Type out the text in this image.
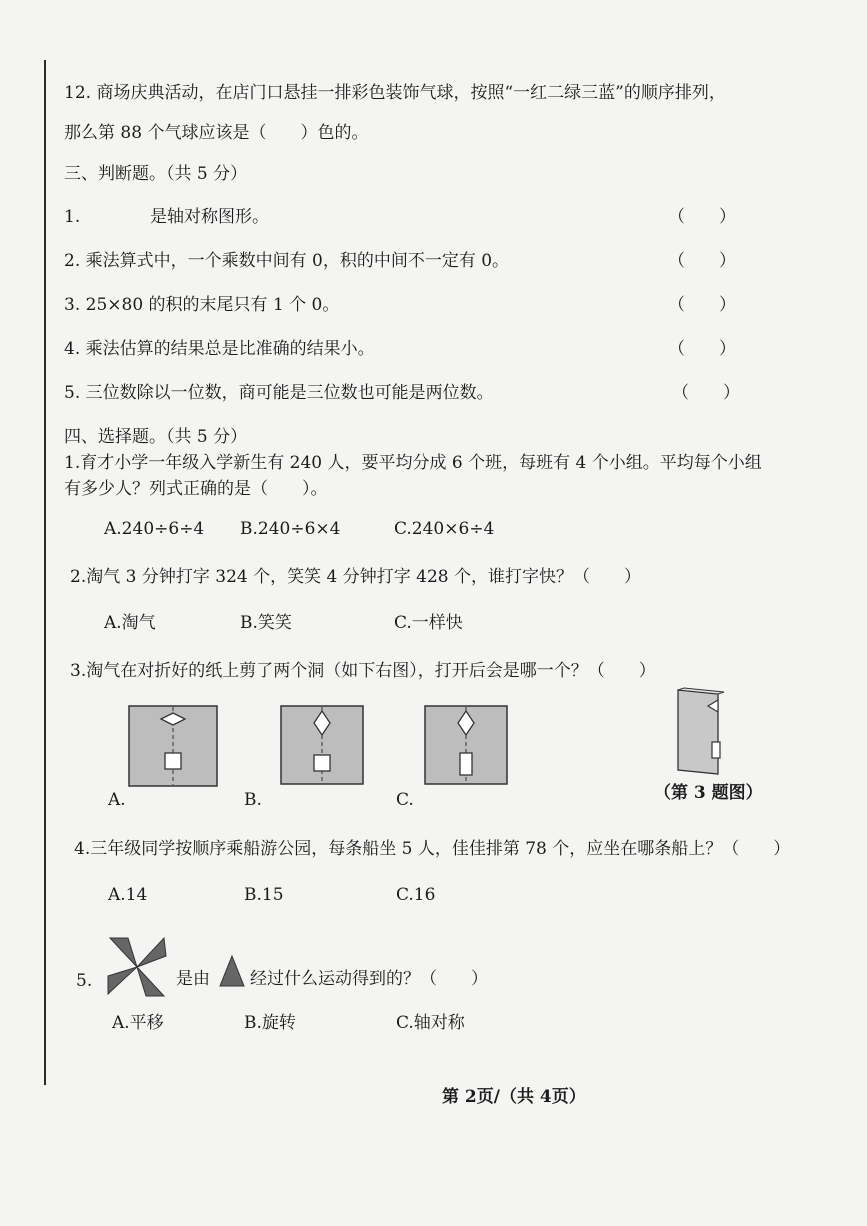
12. 商场庆典活动，在店门口悬挂一排彩色装饰气球，按照“一红二绿三蓝”的顺序排列，
那么第 88 个气球应该是（　　）色的。
三、判断题。（共 5 分）
1.	是轴对称图形。	（　　）
2. 乘法算式中，一个乘数中间有 0，积的中间不一定有 0。	（　　）
3. 25×80 的积的末尾只有 1 个 0。	（　　）
4. 乘法估算的结果总是比准确的结果小。	（　　）
5. 三位数除以一位数，商可能是三位数也可能是两位数。	（　　）
四、选择题。（共 5 分）
1.育才小学一年级入学新生有 240 人，要平均分成 6 个班，每班有 4 个小组。平均每个小组
有多少人？列式正确的是（　　）。
A.240÷6÷4 B.240÷6×4	C.240×6÷4
2.淘气 3 分钟打字 324 个，笑笑 4 分钟打字 428 个，谁打字快？（　　）
A.淘气	B.笑笑	C.一样快
3.淘气在对折好的纸上剪了两个洞（如下右图），打开后会是哪一个？（　　）
A.	B.	C.	（第 3 题图）
4.三年级同学按顺序乘船游公园，每条船坐 5 人，佳佳排第 78 个，应坐在哪条船上？（　　）
A.14	B.15	C.16
5.	是由 经过什么运动得到的？（　　）
A.平移	B.旋转	C.轴对称
第 2页/（共 4页）
